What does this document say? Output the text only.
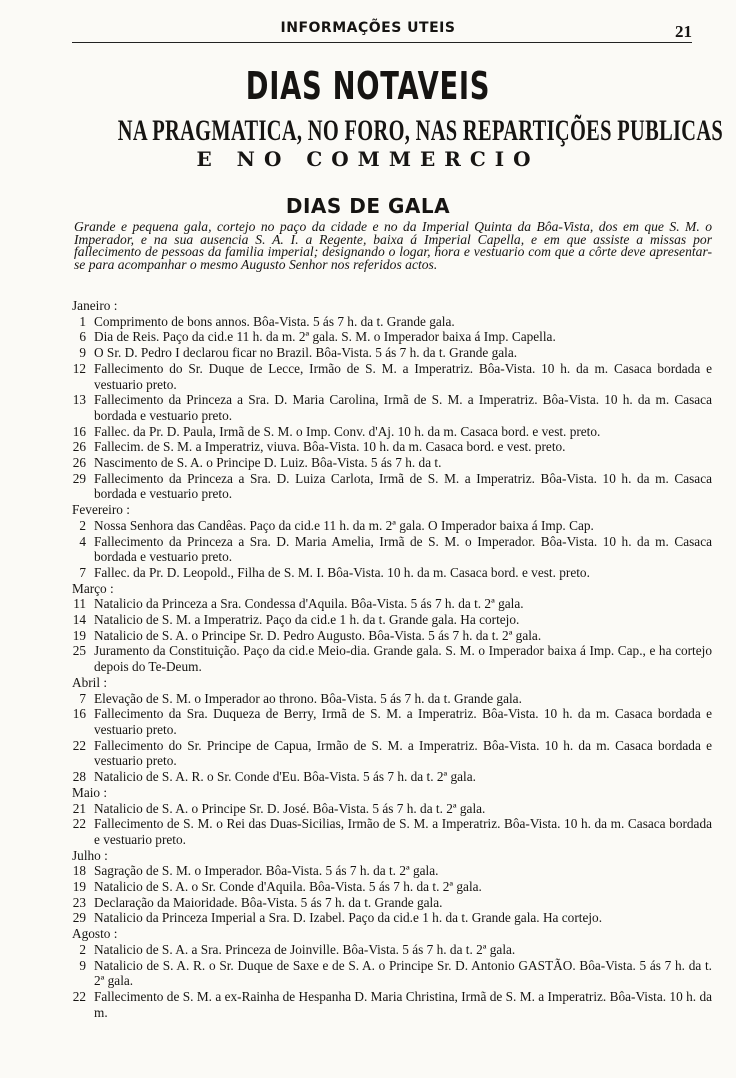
INFORMAÇÕES UTEIS	21
DIAS NOTAVEIS
NA PRAGMATICA, NO FORO, NAS REPARTIÇÕES PUBLICAS
E NO COMMERCIO
DIAS DE GALA
Grande e pequena gala, cortejo no paço da cidade e no da Imperial Quinta da Bôa-Vista, dos em que S. M. o Imperador, e na sua ausencia S. A. I. a Regente, baixa á Imperial Capella, e em que assiste a missas por fallecimento de pessoas da familia imperial; designando o logar, hora e vestuario com que a côrte deve apresentar-se para acompanhar o mesmo Augusto Senhor nos referidos actos.
Janeiro :
1 Comprimento de bons annos. Bôa-Vista. 5 ás 7 h. da t. Grande gala.
6 Dia de Reis. Paço da cid.e 11 h. da m. 2ª gala. S. M. o Imperador baixa á Imp. Capella.
9 O Sr. D. Pedro I declarou ficar no Brazil. Bôa-Vista. 5 ás 7 h. da t. Grande gala.
12 Fallecimento do Sr. Duque de Lecce, Irmão de S. M. a Imperatriz. Bôa-Vista. 10 h. da m. Casaca bordada e vestuario preto.
13 Fallecimento da Princeza a Sra. D. Maria Carolina, Irmã de S. M. a Imperatriz. Bôa-Vista. 10 h. da m. Casaca bordada e vestuario preto.
16 Fallec. da Pr. D. Paula, Irmã de S. M. o Imp. Conv. d'Aj. 10 h. da m. Casaca bord. e vest. preto.
26 Fallecim. de S. M. a Imperatriz, viuva. Bôa-Vista. 10 h. da m. Casaca bord. e vest. preto.
26 Nascimento de S. A. o Principe D. Luiz. Bôa-Vista. 5 ás 7 h. da t.
29 Fallecimento da Princeza a Sra. D. Luiza Carlota, Irmã de S. M. a Imperatriz. Bôa-Vista. 10 h. da m. Casaca bordada e vestuario preto.
Fevereiro :
2 Nossa Senhora das Candêas. Paço da cid.e 11 h. da m. 2ª gala. O Imperador baixa á Imp. Cap.
4 Fallecimento da Princeza a Sra. D. Maria Amelia, Irmã de S. M. o Imperador. Bôa-Vista. 10 h. da m. Casaca bordada e vestuario preto.
7 Fallec. da Pr. D. Leopold., Filha de S. M. I. Bôa-Vista. 10 h. da m. Casaca bord. e vest. preto.
Março :
11 Natalicio da Princeza a Sra. Condessa d'Aquila. Bôa-Vista. 5 ás 7 h. da t. 2ª gala.
14 Natalicio de S. M. a Imperatriz. Paço da cid.e 1 h. da t. Grande gala. Ha cortejo.
19 Natalicio de S. A. o Principe Sr. D. Pedro Augusto. Bôa-Vista. 5 ás 7 h. da t. 2ª gala.
25 Juramento da Constituição. Paço da cid.e Meio-dia. Grande gala. S. M. o Imperador baixa á Imp. Cap., e ha cortejo depois do Te-Deum.
Abril :
7 Elevação de S. M. o Imperador ao throno. Bôa-Vista. 5 ás 7 h. da t. Grande gala.
16 Fallecimento da Sra. Duqueza de Berry, Irmã de S. M. a Imperatriz. Bôa-Vista. 10 h. da m. Casaca bordada e vestuario preto.
22 Fallecimento do Sr. Principe de Capua, Irmão de S. M. a Imperatriz. Bôa-Vista. 10 h. da m. Casaca bordada e vestuario preto.
28 Natalicio de S. A. R. o Sr. Conde d'Eu. Bôa-Vista. 5 ás 7 h. da t. 2ª gala.
Maio :
21 Natalicio de S. A. o Principe Sr. D. José. Bôa-Vista. 5 ás 7 h. da t. 2ª gala.
22 Fallecimento de S. M. o Rei das Duas-Sicilias, Irmão de S. M. a Imperatriz. Bôa-Vista. 10 h. da m. Casaca bordada e vestuario preto.
Julho :
18 Sagração de S. M. o Imperador. Bôa-Vista. 5 ás 7 h. da t. 2ª gala.
19 Natalicio de S. A. o Sr. Conde d'Aquila. Bôa-Vista. 5 ás 7 h. da t. 2ª gala.
23 Declaração da Maioridade. Bôa-Vista. 5 ás 7 h. da t. Grande gala.
29 Natalicio da Princeza Imperial a Sra. D. Izabel. Paço da cid.e 1 h. da t. Grande gala. Ha cortejo.
Agosto :
2 Natalicio de S. A. a Sra. Princeza de Joinville. Bôa-Vista. 5 ás 7 h. da t. 2ª gala.
9 Natalicio de S. A. R. o Sr. Duque de Saxe e de S. A. o Principe Sr. D. Antonio GASTÃO. Bôa-Vista. 5 ás 7 h. da t. 2ª gala.
22 Fallecimento de S. M. a ex-Rainha de Hespanha D. Maria Christina, Irmã de S. M. a Imperatriz. Bôa-Vista. 10 h. da m.
